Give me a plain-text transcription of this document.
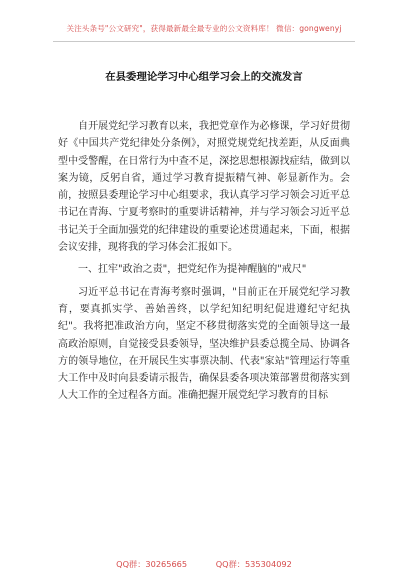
关注头条号"公文研究"，获得最新最全最专业的公文资料库！ 微信：gongwenyj
在县委理论学习中心组学习会上的交流发言

自开展党纪学习教育以来，我把党章作为必修课，学习好贯彻好《中国共产党纪律处分条例》，对照党规党纪找差距，从反面典型中受警醒，在日常行为中查不足，深挖思想根源找症结，做到以案为镜，反躬自省，通过学习教育提振精气神、彰显新作为。会前，按照县委理论学习中心组要求，我认真学习学习领会习近平总书记在青海、宁夏考察时的重要讲话精神，并与学习领会习近平总书记关于全面加强党的纪律建设的重要论述贯通起来，下面，根据会议安排，现将我的学习体会汇报如下。

一、扛牢"政治之责"，把党纪作为提神醒脑的"戒尺"

习近平总书记在青海考察时强调，"目前正在开展党纪学习教育，要真抓实学、善始善终，以学纪知纪明纪促进遵纪守纪执纪"。我将把准政治方向，坚定不移贯彻落实党的全面领导这一最高政治原则，自觉接受县委领导，坚决维护县委总揽全局、协调各方的领导地位，在开展民生实事票决制、代表"家站"管理运行等重大工作中及时向县委请示报告，确保县委各项决策部署贯彻落实到人大工作的全过程各方面。准确把握开展党纪学习教育的目标

QQ群：30265665	QQ群：535304092
